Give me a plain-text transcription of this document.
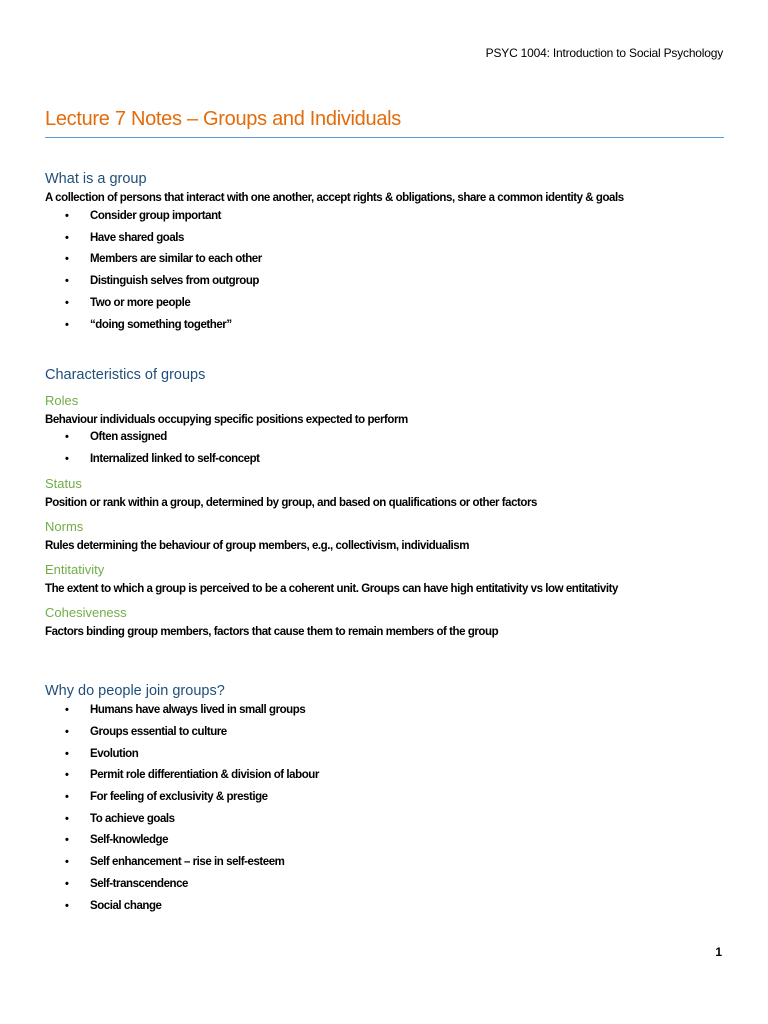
PSYC 1004: Introduction to Social Psychology
Lecture 7 Notes – Groups and Individuals
What is a group
A collection of persons that interact with one another, accept rights & obligations, share a common identity & goals
• Consider group important
• Have shared goals
• Members are similar to each other
• Distinguish selves from outgroup
• Two or more people
• “doing something together”
Characteristics of groups
Roles
Behaviour individuals occupying specific positions expected to perform
• Often assigned
• Internalized linked to self-concept
Status
Position or rank within a group, determined by group, and based on qualifications or other factors
Norms
Rules determining the behaviour of group members, e.g., collectivism, individualism
Entitativity
The extent to which a group is perceived to be a coherent unit. Groups can have high entitativity vs low entitativity
Cohesiveness
Factors binding group members, factors that cause them to remain members of the group
Why do people join groups?
• Humans have always lived in small groups
• Groups essential to culture
• Evolution
• Permit role differentiation & division of labour
• For feeling of exclusivity & prestige
• To achieve goals
• Self-knowledge
• Self enhancement – rise in self-esteem
• Self-transcendence
• Social change
1
